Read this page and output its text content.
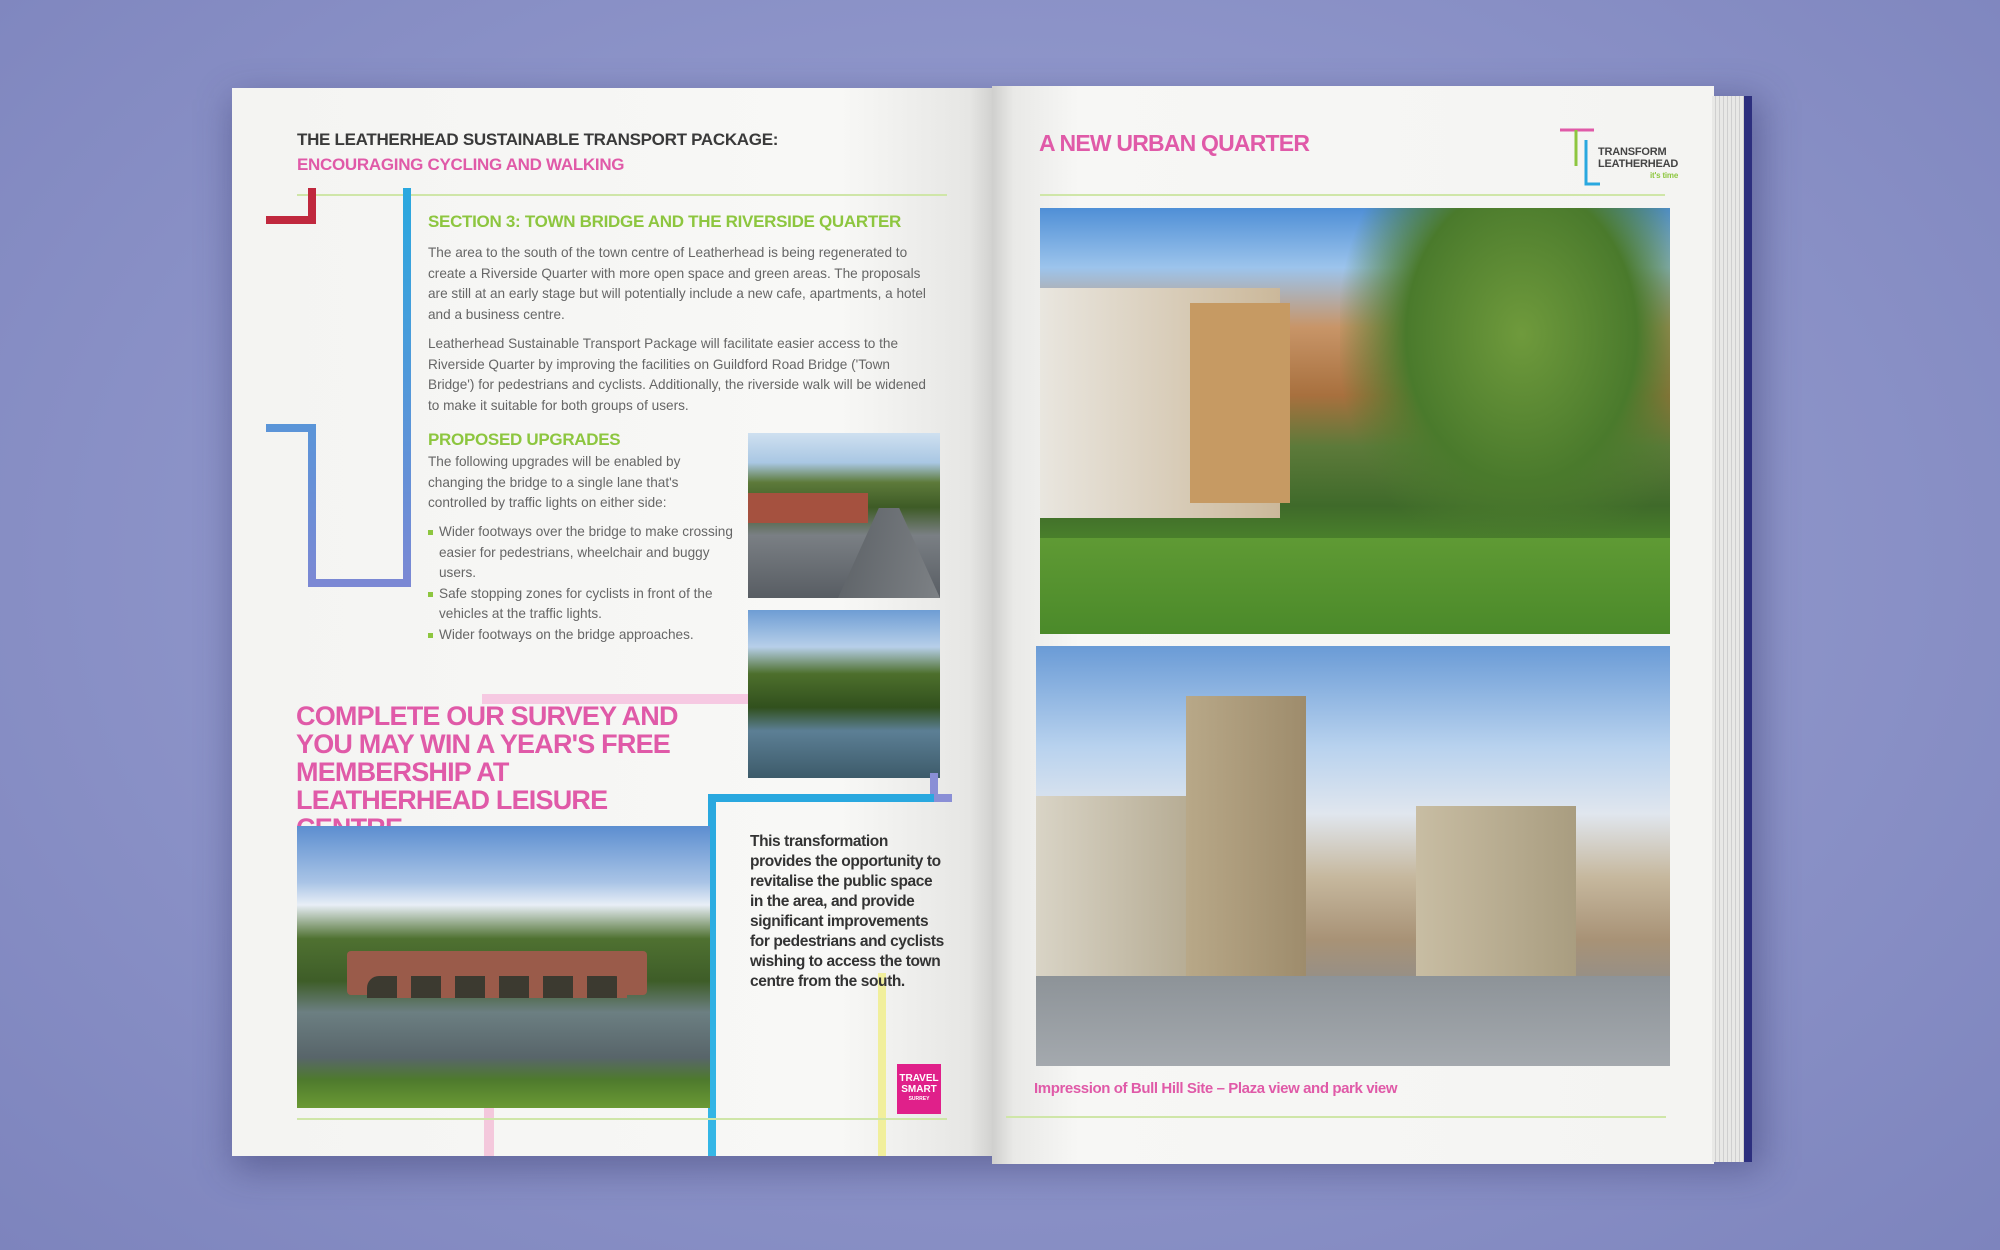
THE LEATHERHEAD SUSTAINABLE TRANSPORT PACKAGE:
ENCOURAGING CYCLING AND WALKING
SECTION 3: TOWN BRIDGE AND THE RIVERSIDE QUARTER
The area to the south of the town centre of Leatherhead is being regenerated to create a Riverside Quarter with more open space and green areas. The proposals are still at an early stage but will potentially include a new cafe, apartments, a hotel and a business centre.
Leatherhead Sustainable Transport Package will facilitate easier access to the Riverside Quarter by improving the facilities on Guildford Road Bridge ('Town Bridge') for pedestrians and cyclists. Additionally, the riverside walk will be widened to make it suitable for both groups of users.
PROPOSED UPGRADES
The following upgrades will be enabled by changing the bridge to a single lane that's controlled by traffic lights on either side:
Wider footways over the bridge to make crossing easier for pedestrians, wheelchair and buggy users.
Safe stopping zones for cyclists in front of the vehicles at the traffic lights.
Wider footways on the bridge approaches.
COMPLETE OUR SURVEY AND YOU MAY WIN A YEAR'S FREE MEMBERSHIP AT LEATHERHEAD LEISURE
This transformation provides the opportunity to revitalise the public space in the area, and provide significant improvements for pedestrians and cyclists wishing to access the town centre from the south.
TRAVEL
SMART
SURREY
A NEW URBAN QUARTER	TRANSFORM
LEATHERHEAD
it's time
Impression of Bull Hill Site – Plaza view and park view
